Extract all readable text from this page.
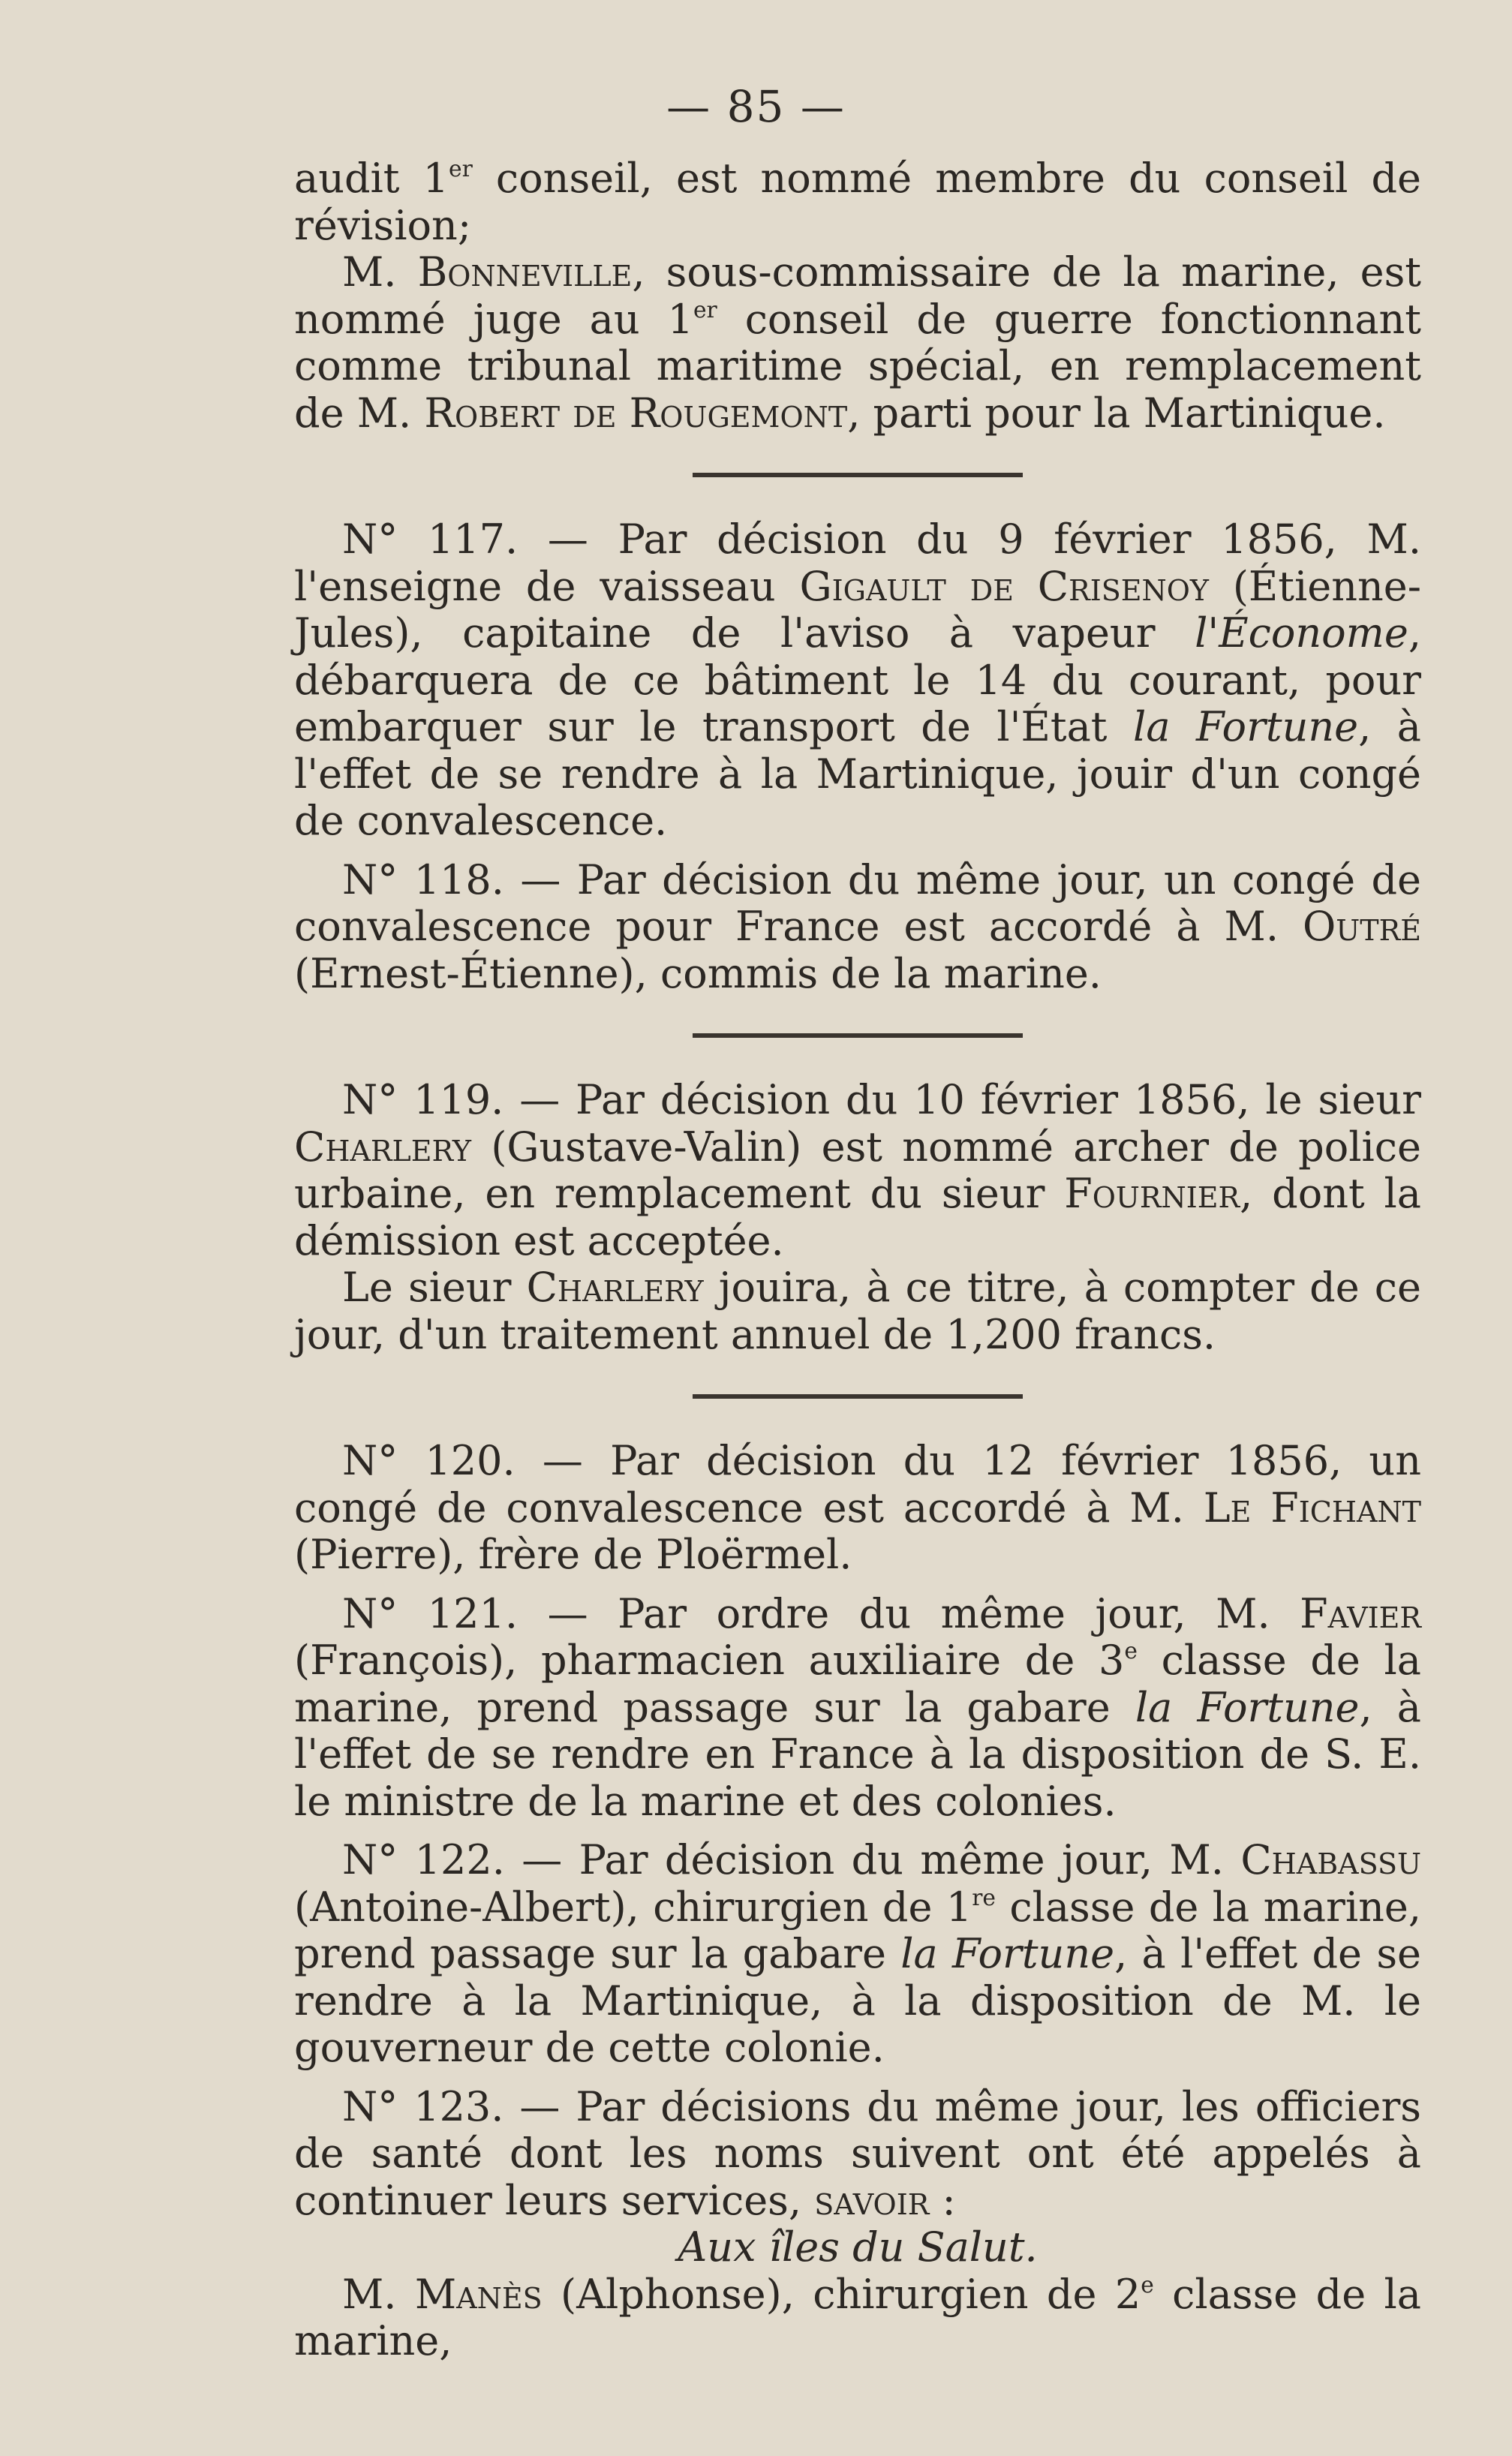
— 85 —

audit 1er conseil, est nommé membre du conseil de révision;

M. Bonneville, sous-commissaire de la marine, est nommé juge au 1er conseil de guerre fonctionnant comme tribunal maritime spécial, en remplacement de M. Robert de Rougemont, parti pour la Martinique.

N° 117. — Par décision du 9 février 1856, M. l'enseigne de vaisseau Gigault de Crisenoy (Étienne-Jules), capitaine de l'aviso à vapeur l'Économe, débarquera de ce bâtiment le 14 du courant, pour embarquer sur le transport de l'État la Fortune, à l'effet de se rendre à la Martinique, jouir d'un congé de convalescence.

N° 118. — Par décision du même jour, un congé de convalescence pour France est accordé à M. Outré (Ernest-Étienne), commis de la marine.

N° 119. — Par décision du 10 février 1856, le sieur Charlery (Gustave-Valin) est nommé archer de police urbaine, en remplacement du sieur Fournier, dont la démission est acceptée.

Le sieur Charlery jouira, à ce titre, à compter de ce jour, d'un traitement annuel de 1,200 francs.

N° 120. — Par décision du 12 février 1856, un congé de convalescence est accordé à M. Le Fichant (Pierre), frère de Ploërmel.

N° 121. — Par ordre du même jour, M. Favier (François), pharmacien auxiliaire de 3e classe de la marine, prend passage sur la gabare la Fortune, à l'effet de se rendre en France à la disposition de S. E. le ministre de la marine et des colonies.

N° 122. — Par décision du même jour, M. Chabassu (Antoine-Albert), chirurgien de 1re classe de la marine, prend passage sur la gabare la Fortune, à l'effet de se rendre à la Martinique, à la disposition de M. le gouverneur de cette colonie.

N° 123. — Par décisions du même jour, les officiers de santé dont les noms suivent ont été appelés à continuer leurs services, savoir :

Aux îles du Salut.

M. Manès (Alphonse), chirurgien de 2e classe de la marine,
